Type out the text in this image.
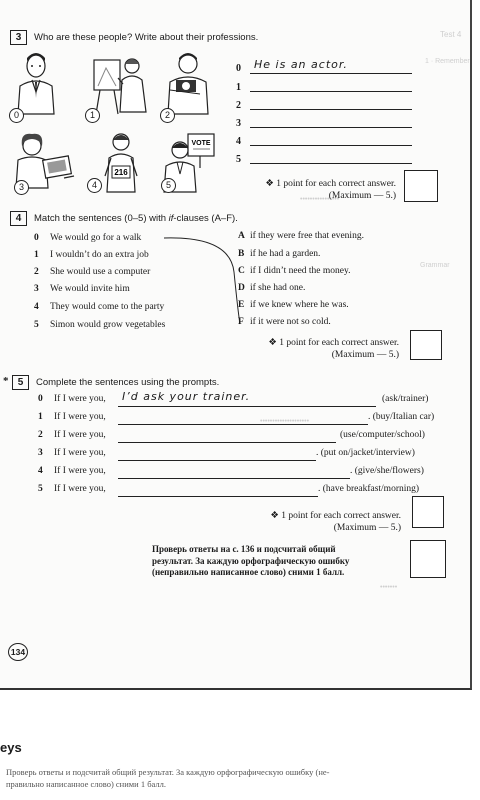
Test 4
1 · Remember
Grammar
••••••••••••••••
••••••••••••••••••••
•••••••
3	Who are these people? Write about their professions.
0	1	2
3
216
4
VOTE
5
0 He is an actor.
1
2
3
4
5
❖ 1 point for each correct answer.
(Maximum — 5.)
4	Match the sentences (0–5) with if-clauses (A–F).
0 We would go for a walk
1 I wouldn’t do an extra job
2 She would use a computer
3 We would invite him
4 They would come to the party
5 Simon would grow vegetables
A if they were free that evening.
B if he had a garden.
C if I didn’t need the money.
D if she had one.
E if we knew where he was.
F if it were not so cold.
❖ 1 point for each correct answer.
(Maximum — 5.)
* 5	Complete the sentences using the prompts.
0 If I were you, I’d ask your trainer.	(ask/trainer)
1 If I were you,	. (buy/Italian car)
2 If I were you,	(use/computer/school)
3 If I were you,	. (put on/jacket/interview)
4 If I were you,	. (give/she/flowers)
5 If I were you,	. (have breakfast/morning)
❖ 1 point for each correct answer.
(Maximum — 5.)
Проверь ответы на с. 136 и подсчитай общий
результат. За каждую орфографическую ошибку
(неправильно написанное слово) сними 1 балл.
134
eys
Проверь ответы и подсчитай общий результат. За каждую орфографическую ошибку (не-
правильно написанное слово) сними 1 балл.
